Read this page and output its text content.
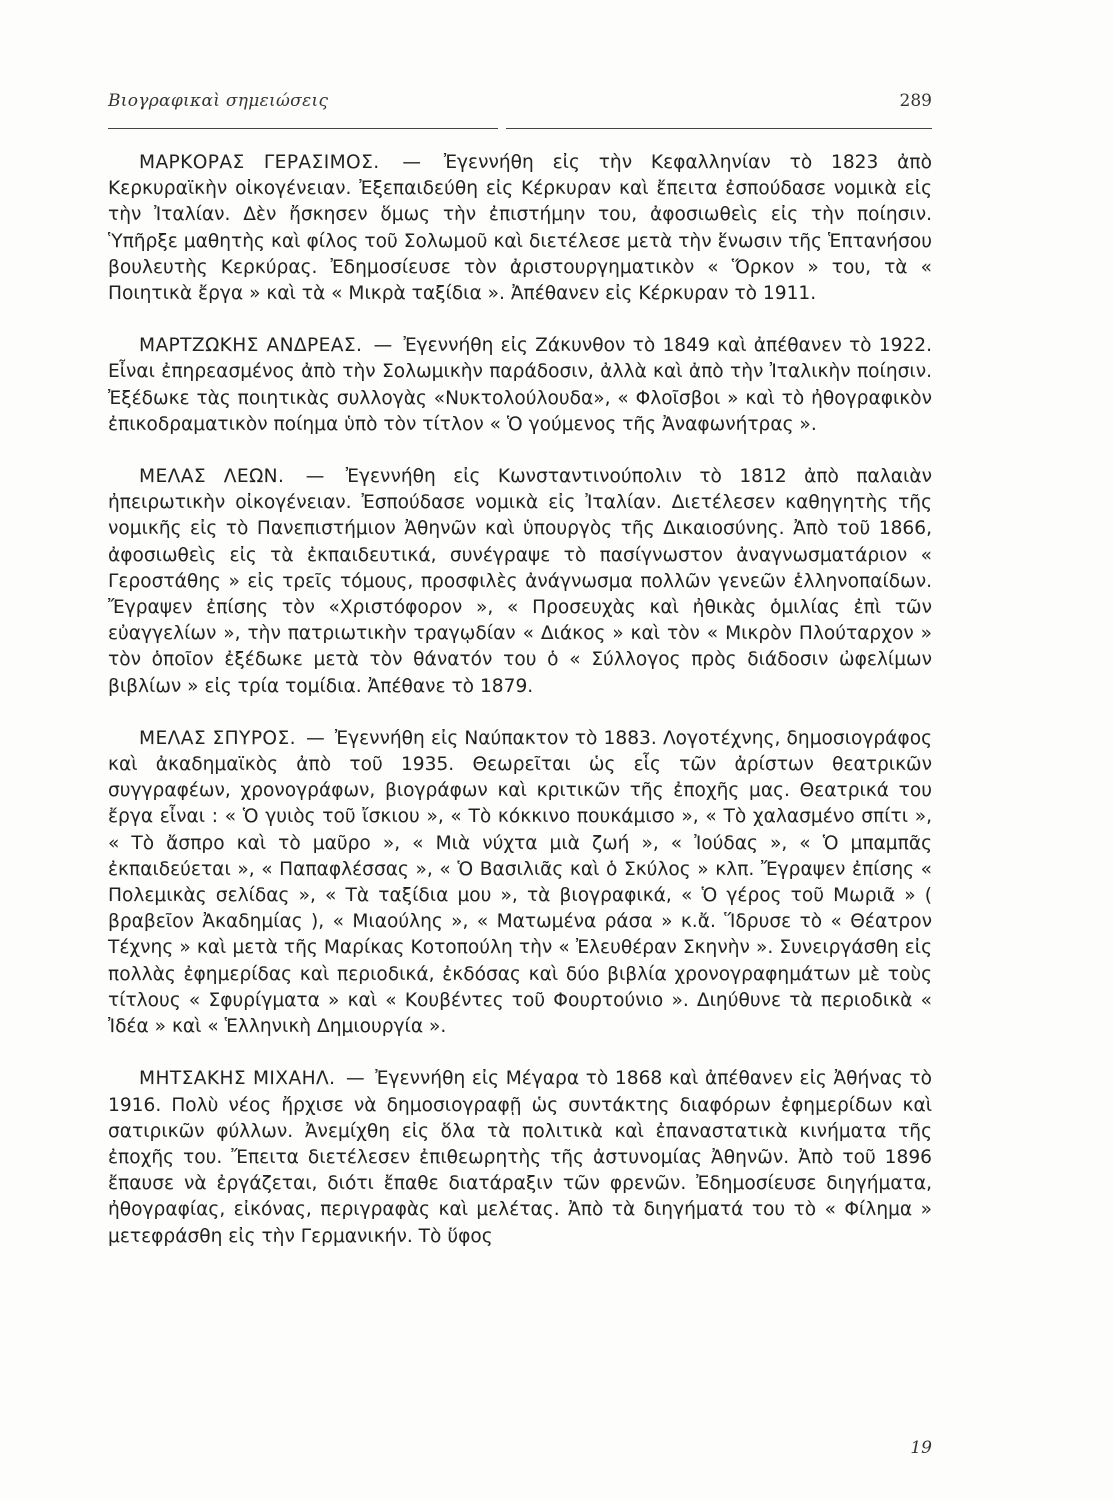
Βιογραφικαὶ σημειώσεις	289

ΜΑΡΚΟΡΑΣ ΓΕΡΑΣΙΜΟΣ. — Ἐγεννήθη εἰς τὴν Κεφαλληνίαν τὸ 1823 ἀπὸ Κερκυραϊκὴν οἰκογένειαν. Ἐξεπαιδεύθη εἰς Κέρκυραν καὶ ἔπειτα ἐσπούδασε νομικὰ εἰς τὴν Ἰταλίαν. Δὲν ἤσκησεν ὅμως τὴν ἐπιστήμην του, ἀφοσιωθεὶς εἰς τὴν ποίησιν. Ὑπῆρξε μαθητὴς καὶ φίλος τοῦ Σολωμοῦ καὶ διετέλεσε μετὰ τὴν ἕνωσιν τῆς Ἑπτανήσου βουλευτὴς Κερκύρας. Ἐδημοσίευσε τὸν ἀριστουργηματικὸν « Ὅρκον » του, τὰ « Ποιητικὰ ἔργα » καὶ τὰ « Μικρὰ ταξίδια ». Ἀπέθανεν εἰς Κέρκυραν τὸ 1911.

ΜΑΡΤΖΩΚΗΣ ΑΝΔΡΕΑΣ. — Ἐγεννήθη εἰς Ζάκυνθον τὸ 1849 καὶ ἀπέθανεν τὸ 1922. Εἶναι ἐπηρεασμένος ἀπὸ τὴν Σολωμικὴν παράδοσιν, ἀλλὰ καὶ ἀπὸ τὴν Ἰταλικὴν ποίησιν. Ἐξέδωκε τὰς ποιητικὰς συλλογὰς «Νυκτολούλουδα», « Φλοῖσβοι » καὶ τὸ ἠθογραφικὸν ἐπικοδραματικὸν ποίημα ὑπὸ τὸν τίτλον « Ὁ γούμενος τῆς Ἀναφωνήτρας ».

ΜΕΛΑΣ ΛΕΩΝ. — Ἐγεννήθη εἰς Κωνσταντινούπολιν τὸ 1812 ἀπὸ παλαιὰν ἠπειρωτικὴν οἰκογένειαν. Ἐσπούδασε νομικὰ εἰς Ἰταλίαν. Διετέλεσεν καθηγητὴς τῆς νομικῆς εἰς τὸ Πανεπιστήμιον Ἀθηνῶν καὶ ὑπουργὸς τῆς Δικαιοσύνης. Ἀπὸ τοῦ 1866, ἀφοσιωθεὶς εἰς τὰ ἐκπαιδευτικά, συνέγραψε τὸ πασίγνωστον ἀναγνωσματάριον « Γεροστάθης » εἰς τρεῖς τόμους, προσφιλὲς ἀνάγνωσμα πολλῶν γενεῶν ἑλληνοπαίδων. Ἔγραψεν ἐπίσης τὸν «Χριστόφορον », « Προσευχὰς καὶ ἠθικὰς ὁμιλίας ἐπὶ τῶν εὐαγγελίων », τὴν πατριωτικὴν τραγῳδίαν « Διάκος » καὶ τὸν « Μικρὸν Πλούταρχον » τὸν ὁποῖον ἐξέδωκε μετὰ τὸν θάνατόν του ὁ « Σύλλογος πρὸς διάδοσιν ὠφελίμων βιβλίων » εἰς τρία τομίδια. Ἀπέθανε τὸ 1879.

ΜΕΛΑΣ ΣΠΥΡΟΣ. — Ἐγεννήθη εἰς Ναύπακτον τὸ 1883. Λογοτέχνης, δημοσιογράφος καὶ ἀκαδημαϊκὸς ἀπὸ τοῦ 1935. Θεωρεῖται ὡς εἷς τῶν ἀρίστων θεατρικῶν συγγραφέων, χρονογράφων, βιογράφων καὶ κριτικῶν τῆς ἐποχῆς μας. Θεατρικά του ἔργα εἶναι : « Ὁ γυιὸς τοῦ ἴσκιου », « Τὸ κόκκινο πουκάμισο », « Τὸ χαλασμένο σπίτι », « Τὸ ἄσπρο καὶ τὸ μαῦρο », « Μιὰ νύχτα μιὰ ζωή », « Ἰούδας », « Ὁ μπαμπᾶς ἐκπαιδεύεται », « Παπαφλέσσας », « Ὁ Βασιλιᾶς καὶ ὁ Σκύλος » κλπ. Ἔγραψεν ἐπίσης « Πολεμικὰς σελίδας », « Τὰ ταξίδια μου », τὰ βιογραφικά, « Ὁ γέρος τοῦ Μωριᾶ » ( βραβεῖον Ἀκαδημίας ), « Μιαούλης », « Ματωμένα ράσα » κ.ἄ. Ἵδρυσε τὸ « Θέατρον Τέχνης » καὶ μετὰ τῆς Μαρίκας Κοτοπούλη τὴν « Ἐλευθέραν Σκηνὴν ». Συνειργάσθη εἰς πολλὰς ἐφημερίδας καὶ περιοδικά, ἐκδόσας καὶ δύο βιβλία χρονογραφημάτων μὲ τοὺς τίτλους « Σφυρίγματα » καὶ « Κουβέντες τοῦ Φουρτούνιο ». Διηύθυνε τὰ περιοδικὰ « Ἰδέα » καὶ « Ἑλληνικὴ Δημιουργία ».

ΜΗΤΣΑΚΗΣ ΜΙΧΑΗΛ. — Ἐγεννήθη εἰς Μέγαρα τὸ 1868 καὶ ἀπέθανεν εἰς Ἀθήνας τὸ 1916. Πολὺ νέος ἤρχισε νὰ δημοσιογραφῇ ὡς συντάκτης διαφόρων ἐφημερίδων καὶ σατιρικῶν φύλλων. Ἀνεμίχθη εἰς ὅλα τὰ πολιτικὰ καὶ ἐπαναστατικὰ κινήματα τῆς ἐποχῆς του. Ἔπειτα διετέλεσεν ἐπιθεωρητὴς τῆς ἀστυνομίας Ἀθηνῶν. Ἀπὸ τοῦ 1896 ἔπαυσε νὰ ἐργάζεται, διότι ἔπαθε διατάραξιν τῶν φρενῶν. Ἐδημοσίευσε διηγήματα, ἠθογραφίας, εἰκόνας, περιγραφὰς καὶ μελέτας. Ἀπὸ τὰ διηγήματά του τὸ « Φίλημα » μετεφράσθη εἰς τὴν Γερμανικήν. Τὸ ὕφος

19
